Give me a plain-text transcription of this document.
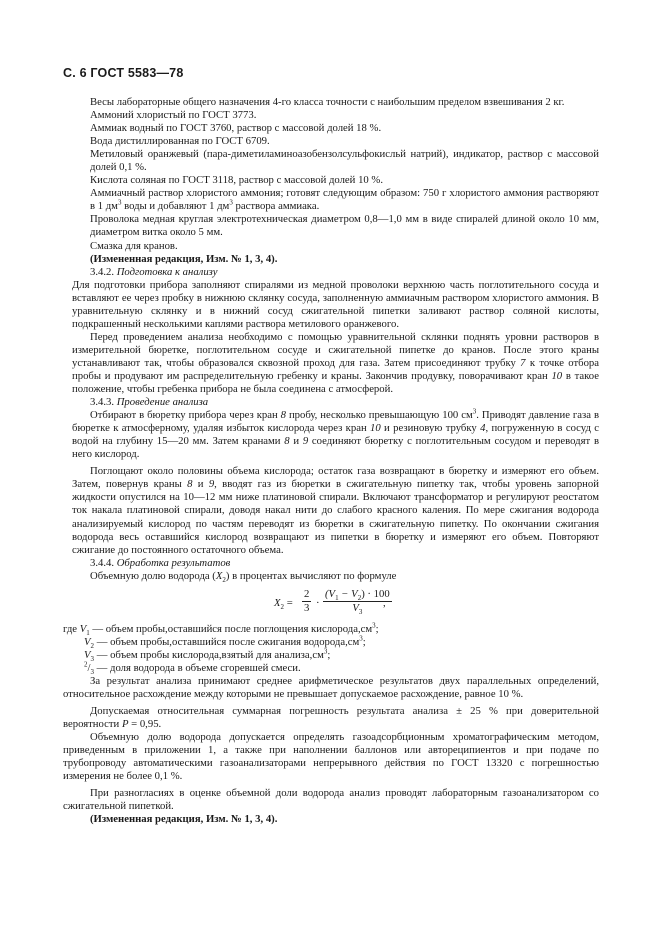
С. 6 ГОСТ 5583—78
Весы лабораторные общего назначения 4-го класса точности с наибольшим пределом взвешивания 2 кг.
Аммоний хлористый по ГОСТ 3773.
Аммиак водный по ГОСТ 3760, раствор с массовой долей 18 %.
Вода дистиллированная по ГОСТ 6709.
Метиловый оранжевый (пара-диметиламиноазобензолсульфокисльй натрий), индикатор, раствор с массовой долей 0,1 %.
Кислота соляная по ГОСТ 3118, раствор с массовой долей 10 %.
Аммиачный раствор хлористого аммония; готовят следующим образом: 750 г хлористого аммония растворяют в 1 $дм^3$ воды и добавляют 1 $дм^3$ раствора аммиака.
Проволока медная круглая электротехническая диаметром 0,8—1,0 мм в виде спиралей длиной около 10 мм, диаметром витка около 5 мм.
Смазка для кранов.
(Измененная редакция, Изм. № 1, 3, 4).
3.4.2. Подготовка к анализу
Для подготовки прибора заполняют спиралями из медной проволоки верхнюю часть поглотительного сосуда и вставляют ее через пробку в нижнюю склянку сосуда, заполненную аммиачным раствором хлористого аммония. В уравнительную склянку и в нижний сосуд сжигательной пипетки заливают раствор соляной кислоты, подкрашенный несколькими каплями раствора метилового оранжевого.
Перед проведением анализа необходимо с помощью уравнительной склянки поднять уровни растворов в измерительной бюретке, поглотительном сосуде и сжигательной пипетке до кранов. После этого краны устанавливают так, чтобы образовался сквозной проход для газа. Затем присоединяют трубку 7 к точке отбора пробы и продувают им распределительную гребенку и краны. Закончив продувку, поворачивают кран 10 в такое положение, чтобы гребенка прибора не была соединена с атмосферой.
3.4.3. Проведение анализа
Отбирают в бюретку прибора через кран 8 пробу, несколько превышающую 100 $см^3$. Приводят давление газа в бюретке к атмосферному, удаляя избыток кислорода через кран 10 и резиновую трубку 4, погруженную в сосуд с водой на глубину 15—20 мм. Затем кранами 8 и 9 соединяют бюретку с поглотительным сосудом и переводят в него кислород.
Поглощают около половины объема кислорода; остаток газа возвращают в бюретку и измеряют его объем. Затем, повернув краны 8 и 9, вводят газ из бюретки в сжигательную пипетку так, чтобы уровень запорной жидкости опустился на 10—12 мм ниже платиновой спирали. Включают трансформатор и регулируют реостатом ток накала платиновой спирали, доводя накал нити до слабого красного каления. По мере сжигания водорода анализируемый кислород по частям переводят из бюретки в сжигательную пипетку. По окончании сжигания водорода весь оставшийся кислород возвращают из пипетки в бюретку и измеряют его объем. Повторяют сжигание до постоянного остаточного объема.
3.4.4. Обработка результатов
Объемную долю водорода $(X_2)$ в процентах вычисляют по формуле
$X_2 = \frac{2}{3} \cdot \frac{(V_1 - V_2) \cdot 100}{V_3}$
,
где $V_1$ — объем пробы,оставшийся после поглощения $кислорода,см^3$;
$V_2$ — объем пробы,оставшийся после сжигания $водорода,см^3$;
$V_3$ — объем пробы кислорода,взятый для $анализа,см^3$;
$^2/_3$ — доля водорода в объеме сгоревшей смеси.
За результат анализа принимают среднее арифметическое результатов двух параллельных определений, относительное расхождение между которыми не превышает допускаемое расхождение, равное 10 %.
Допускаемая относительная суммарная погрешность результата анализа ± 25 % при доверительной вероятности P = 0,95.
Объемную долю водорода допускается определять газоадсорбционным хроматографическим методом, приведенным в приложении 1, а также при наполнении баллонов или автореципиентов и при подаче по трубопроводу автоматическими газоанализаторами непрерывного действия по ГОСТ 13320 с погрешностью измерения не более 0,1 %.
При разногласиях в оценке объемной доли водорода анализ проводят лабораторным газоанализатором со сжигательной пипеткой.
(Измененная редакция, Изм. № 1, 3, 4).
